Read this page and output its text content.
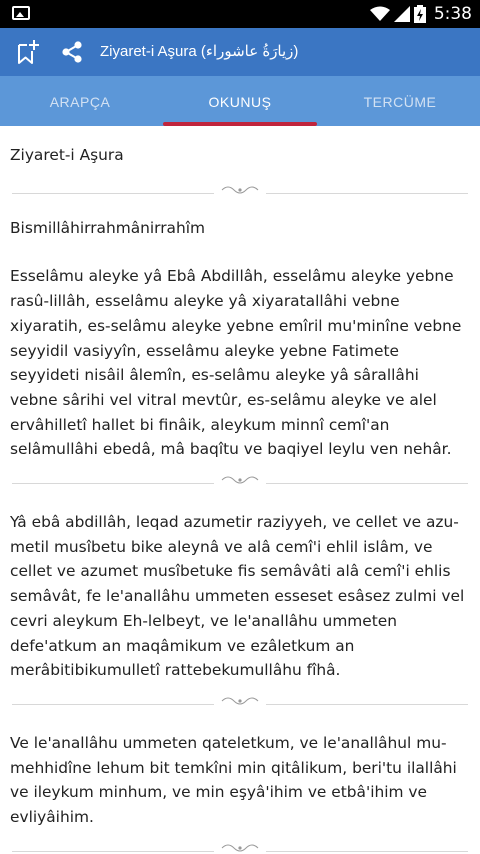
5:38
Ziyaret-i Aşura (زيارَةُ عاشوراء)
ARAPÇA	OKUNUŞ	TERCÜME
Ziyaret-i Aşura
Bismillâhirrahmânirrahîm
Esselâmu aleyke yâ Ebâ Abdillâh, esselâmu aleyke yebne rasû-lillâh, esselâmu aleyke yâ xiyaratallâhi vebne xiyaratih, es-selâmu aleyke yebne emîril mu'minîne vebne seyyidil vasiyyîn, esselâmu aleyke yebne Fatimete seyyideti nisâil âlemîn, es-selâmu aleyke yâ sârallâhi vebne sârihi vel vitral mevtûr, es-selâmu aleyke ve alel ervâhilletî hallet bi finâik, aleykum minnî cemî'an selâmullâhi ebedâ, mâ baqîtu ve baqiyel leylu ven nehâr.
Yâ ebâ abdillâh, leqad azumetir raziyyeh, ve cellet ve azu-metil musîbetu bike aleynâ ve alâ cemî'i ehlil islâm, ve cellet ve azumet musîbetuke fis semâvâti alâ cemî'i ehlis semâvât, fe le'anallâhu ummeten esseset esâsez zulmi vel cevri aleykum Eh-lelbeyt, ve le'anallâhu ummeten defe'atkum an maqâmikum ve ezâletkum an merâbitibikumulletî rattebekumullâhu fîhâ.
Ve le'anallâhu ummeten qateletkum, ve le'anallâhul mu-mehhidîne lehum bit temkîni min qitâlikum, beri'tu ilallâhi ve ileykum minhum, ve min eşyâ'ihim ve etbâ'ihim ve evliyâihim.
